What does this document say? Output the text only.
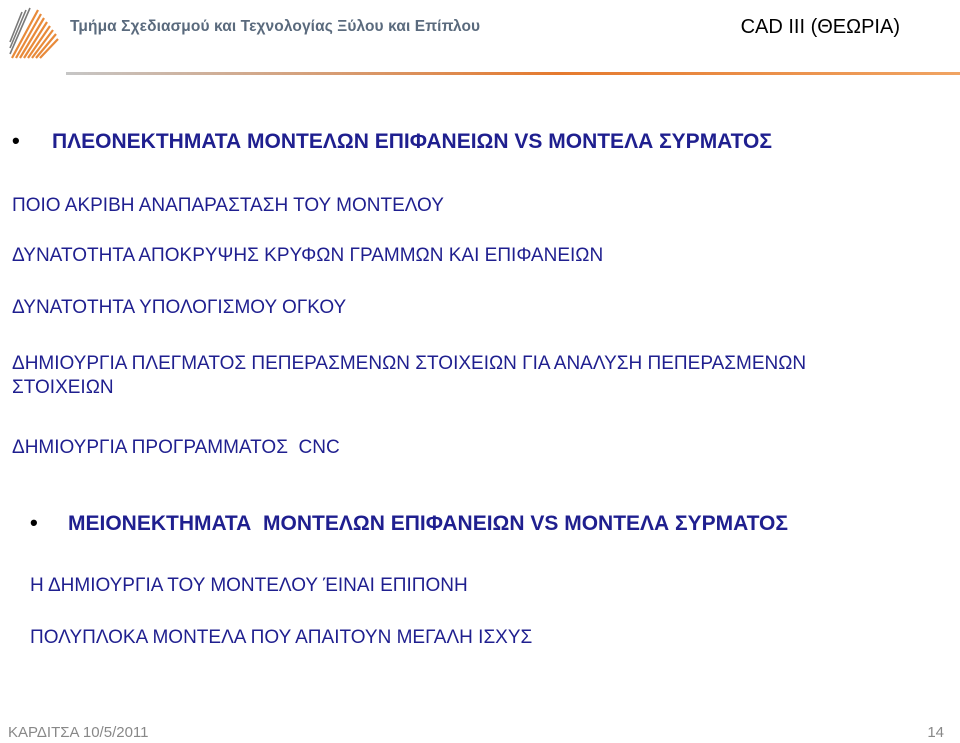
Τμήμα Σχεδιασμού και Τεχνολογίας Ξύλου και Επίπλου	CAD III (ΘΕΩΡΙΑ)
• ΠΛΕΟΝΕΚΤΗΜΑΤΑ ΜΟΝΤΕΛΩΝ ΕΠΙΦΑΝΕΙΩΝ VS ΜΟΝΤΕΛΑ ΣΥΡΜΑΤΟΣ
ΠΟΙΟ ΑΚΡΙΒΗ ΑΝΑΠΑΡΑΣΤΑΣΗ ΤΟΥ ΜΟΝΤΕΛΟΥ
ΔΥΝΑΤΟΤΗΤΑ ΑΠΟΚΡΥΨΗΣ ΚΡΥΦΩΝ ΓΡΑΜΜΩΝ ΚΑΙ ΕΠΙΦΑΝΕΙΩΝ
ΔΥΝΑΤΟΤΗΤΑ ΥΠΟΛΟΓΙΣΜΟΥ ΟΓΚΟΥ
ΔΗΜΙΟΥΡΓΙΑ ΠΛΕΓΜΑΤΟΣ ΠΕΠΕΡΑΣΜΕΝΩΝ ΣΤΟΙΧΕΙΩΝ ΓΙΑ ΑΝΑΛΥΣΗ ΠΕΠΕΡΑΣΜΕΝΩΝ ΣΤΟΙΧΕΙΩΝ
ΔΗΜΙΟΥΡΓΙΑ ΠΡΟΓΡΑΜΜΑΤΟΣ  CNC
• ΜΕΙΟΝΕΚΤΗΜΑΤΑ  ΜΟΝΤΕΛΩΝ ΕΠΙΦΑΝΕΙΩΝ VS ΜΟΝΤΕΛΑ ΣΥΡΜΑΤΟΣ
Η ΔΗΜΙΟΥΡΓΙΑ ΤΟΥ ΜΟΝΤΕΛΟΥ ΈΙΝΑΙ ΕΠΙΠΟΝΗ
ΠΟΛΥΠΛΟΚΑ ΜΟΝΤΕΛΑ ΠΟΥ ΑΠΑΙΤΟΥΝ ΜΕΓΑΛΗ ΙΣΧΥΣ
ΚΑΡΔΙΤΣΑ 10/5/2011	14
